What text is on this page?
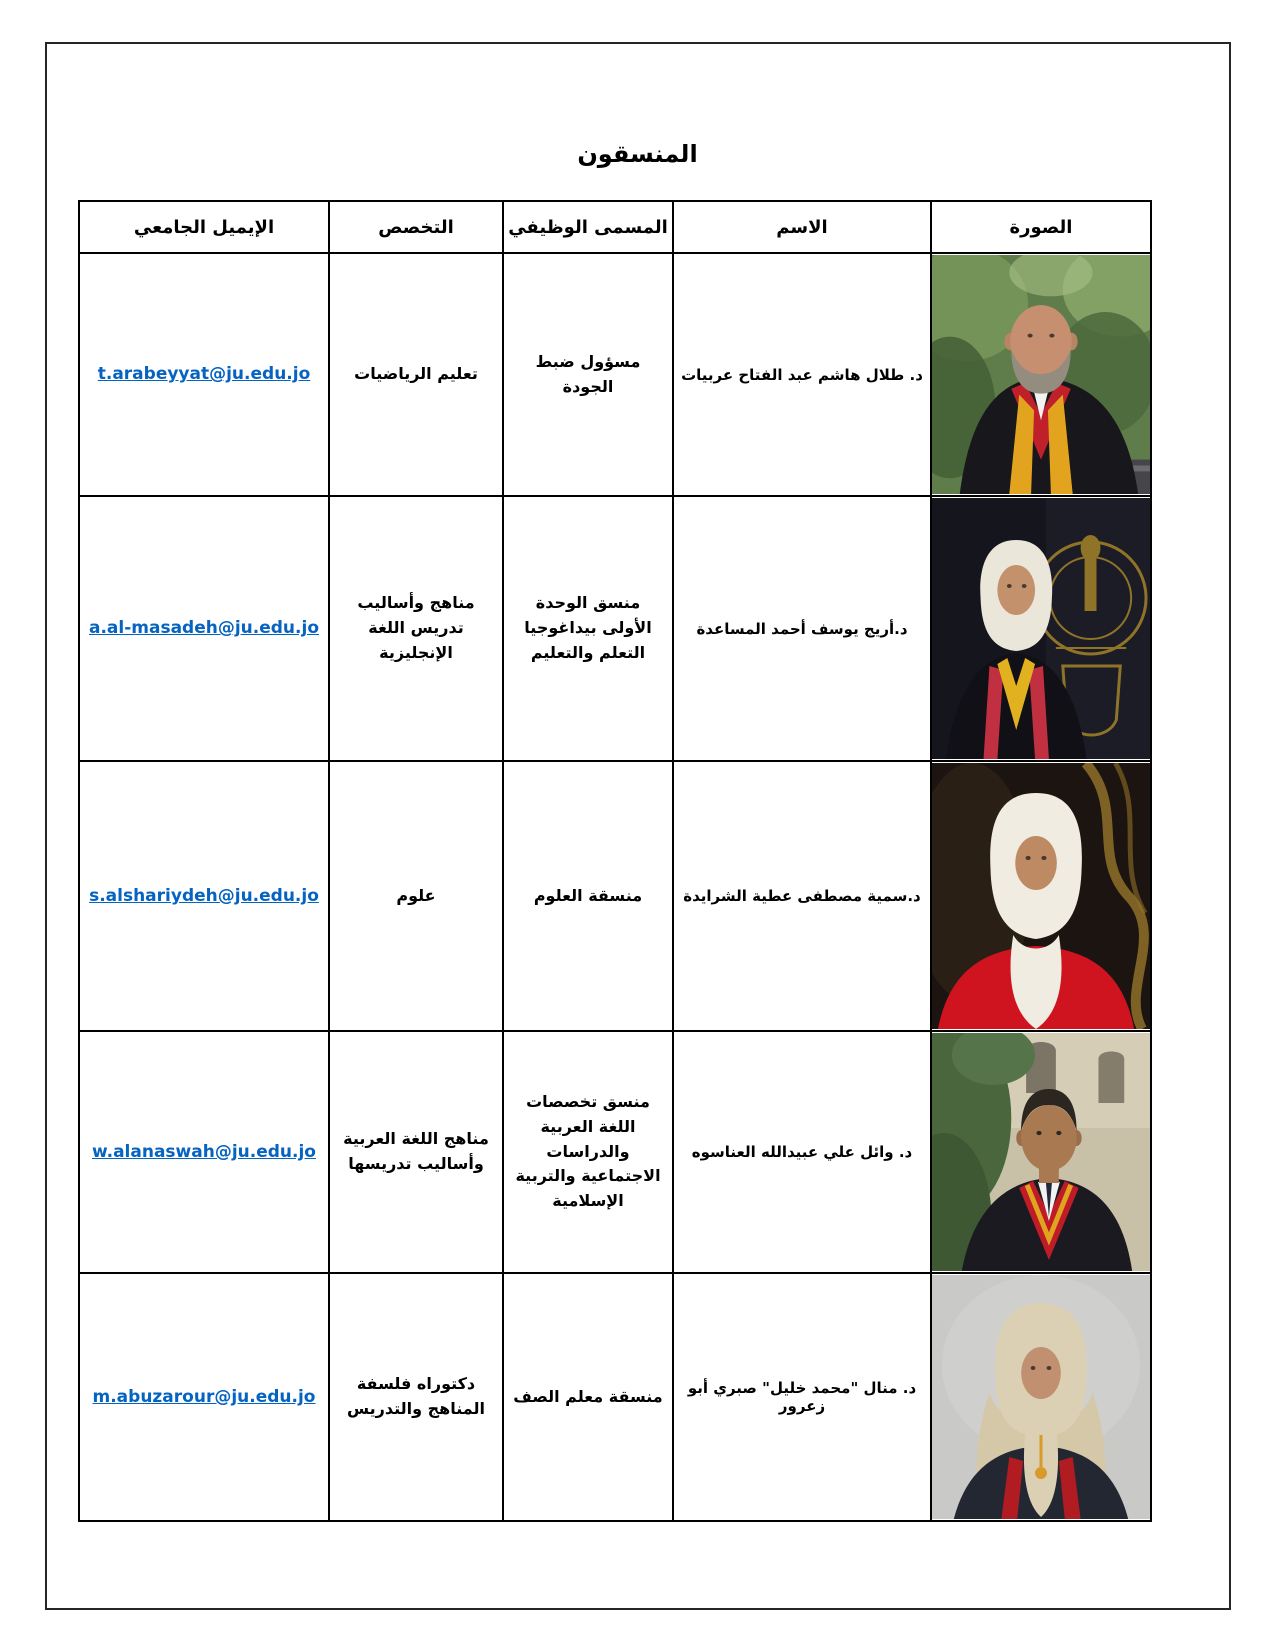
المنسقون
الصورة	الاسم	المسمى الوظيفي	التخصص	الإيميل الجامعي

	د. طلال هاشم عبد الفتاح عربيات	مسؤول ضبط الجودة	تعليم الرياضيات	t.arabeyyat@ju.edu.jo

	د.أريج يوسف أحمد المساعدة	منسق الوحدة الأولى بيداغوجيا التعلم والتعليم	مناهج وأساليب تدريس اللغة الإنجليزية	a.al-masadeh@ju.edu.jo

	د.سمية مصطفى عطية الشرايدة	منسقة العلوم	علوم	s.alshariydeh@ju.edu.jo

	د. وائل علي عبيدالله العناسوه	منسق تخصصات اللغة العربية والدراسات الاجتماعية والتربية الإسلامية	مناهج اللغة العربية وأساليب تدريسها	w.alanaswah@ju.edu.jo

	د. منال "محمد خليل" صبري أبو زعرور	منسقة معلم الصف	دكتوراه فلسفة المناهج والتدريس	m.abuzarour@ju.edu.jo
